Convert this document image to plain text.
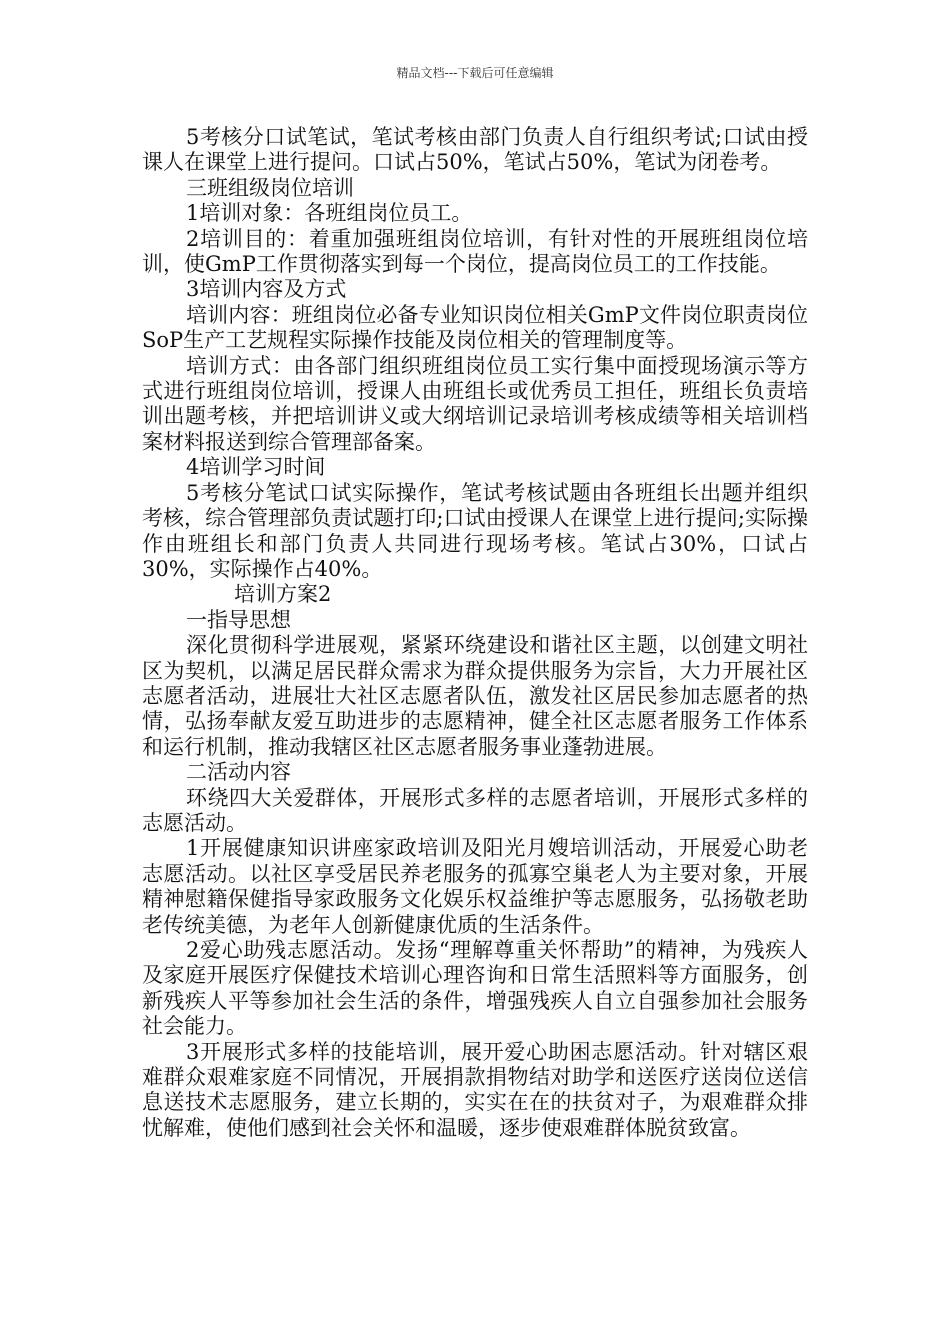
精品文档---下载后可任意编辑

5考核分口试笔试，笔试考核由部门负责人自行组织考试;口试由授课人在课堂上进行提问。口试占50%，笔试占50%，笔试为闭卷考。

三班组级岗位培训

1培训对象：各班组岗位员工。

2培训目的：着重加强班组岗位培训，有针对性的开展班组岗位培训，使GmP工作贯彻落实到每一个岗位，提高岗位员工的工作技能。

3培训内容及方式

培训内容：班组岗位必备专业知识岗位相关GmP文件岗位职责岗位SoP生产工艺规程实际操作技能及岗位相关的管理制度等。

培训方式：由各部门组织班组岗位员工实行集中面授现场演示等方式进行班组岗位培训，授课人由班组长或优秀员工担任，班组长负责培训出题考核，并把培训讲义或大纲培训记录培训考核成绩等相关培训档案材料报送到综合管理部备案。

4培训学习时间

5考核分笔试口试实际操作，笔试考核试题由各班组长出题并组织考核，综合管理部负责试题打印;口试由授课人在课堂上进行提问;实际操作由班组长和部门负责人共同进行现场考核。笔试占30%，口试占30%，实际操作占40%。

培训方案2

一指导思想

深化贯彻科学进展观，紧紧环绕建设和谐社区主题，以创建文明社区为契机，以满足居民群众需求为群众提供服务为宗旨，大力开展社区志愿者活动，进展壮大社区志愿者队伍，激发社区居民参加志愿者的热情，弘扬奉献友爱互助进步的志愿精神，健全社区志愿者服务工作体系和运行机制，推动我辖区社区志愿者服务事业蓬勃进展。

二活动内容

环绕四大关爱群体，开展形式多样的志愿者培训，开展形式多样的志愿活动。

1开展健康知识讲座家政培训及阳光月嫂培训活动，开展爱心助老志愿活动。以社区享受居民养老服务的孤寡空巢老人为主要对象，开展精神慰籍保健指导家政服务文化娱乐权益维护等志愿服务，弘扬敬老助老传统美德，为老年人创新健康优质的生活条件。

2爱心助残志愿活动。发扬“理解尊重关怀帮助”的精神，为残疾人及家庭开展医疗保健技术培训心理咨询和日常生活照料等方面服务，创新残疾人平等参加社会生活的条件，增强残疾人自立自强参加社会服务社会能力。

3开展形式多样的技能培训，展开爱心助困志愿活动。针对辖区艰难群众艰难家庭不同情况，开展捐款捐物结对助学和送医疗送岗位送信息送技术志愿服务，建立长期的，实实在在的扶贫对子，为艰难群众排忧解难，使他们感到社会关怀和温暖，逐步使艰难群体脱贫致富。
